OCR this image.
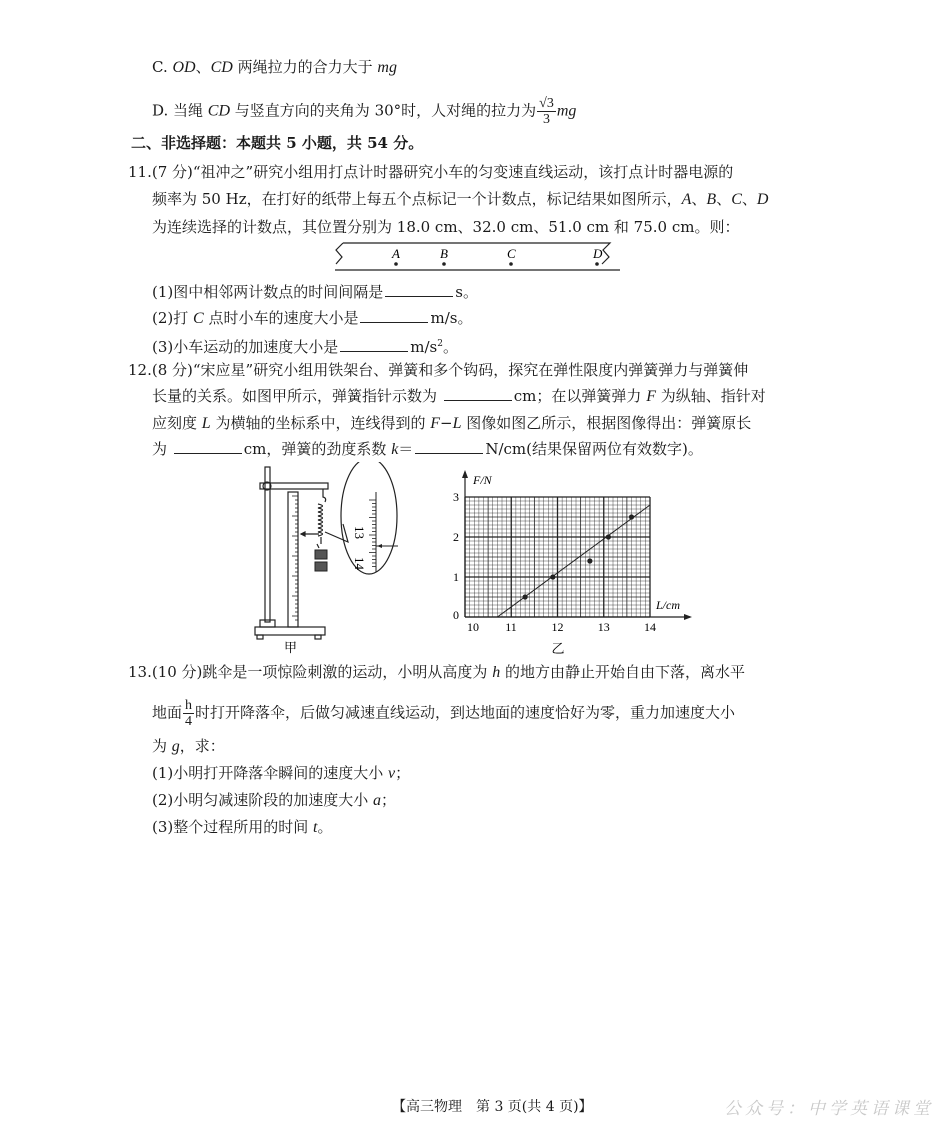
C. OD、CD 两绳拉力的合力大于 mg
D. 当绳 CD 与竖直方向的夹角为 30°时，人对绳的拉力为 $\frac{√3}{3}$ mg
二、非选择题：本题共 5 小题，共 54 分。
11.(7 分)“祖冲之”研究小组用打点计时器研究小车的匀变速直线运动，该打点计时器电源的
频率为 50 Hz，在打好的纸带上每五个点标记一个计数点，标记结果如图所示，A、B、C、D
为连续选择的计数点，其位置分别为 18.0 cm、32.0 cm、51.0 cm 和 75.0 cm。则：
A	B	C	D
(1)图中相邻两计数点的时间间隔是	s。
(2)打 C 点时小车的速度大小是	m/s。
(3)小车运动的加速度大小是	$m/s^2$。
12.(8 分)“宋应星”研究小组用铁架台、弹簧和多个钩码，探究在弹性限度内弹簧弹力与弹簧伸
长量的关系。如图甲所示，弹簧指针示数为	cm；在以弹簧弹力 F 为纵轴、指针对
应刻度 L 为横轴的坐标系中，连线得到的 F−L 图像如图乙所示，根据图像得出：弹簧原长
为	cm，弹簧的劲度系数 k＝	N/cm(结果保留两位有效数字)。
13
14
甲
10 11	12	13	14
0
1
2
3
F/N
L/cm
乙
13.(10 分)跳伞是一项惊险刺激的运动，小明从高度为 h 的地方由静止开始自由下落，离水平
地面 $\frac{h}{4}$ 时打开降落伞，后做匀减速直线运动，到达地面的速度恰好为零，重力加速度大小
为 g，求：
(1)小明打开降落伞瞬间的速度大小 v；
(2)小明匀减速阶段的加速度大小 a；
(3)整个过程所用的时间 t。
【高三物理　第 3 页(共 4 页)】	公众号：中学英语课堂
